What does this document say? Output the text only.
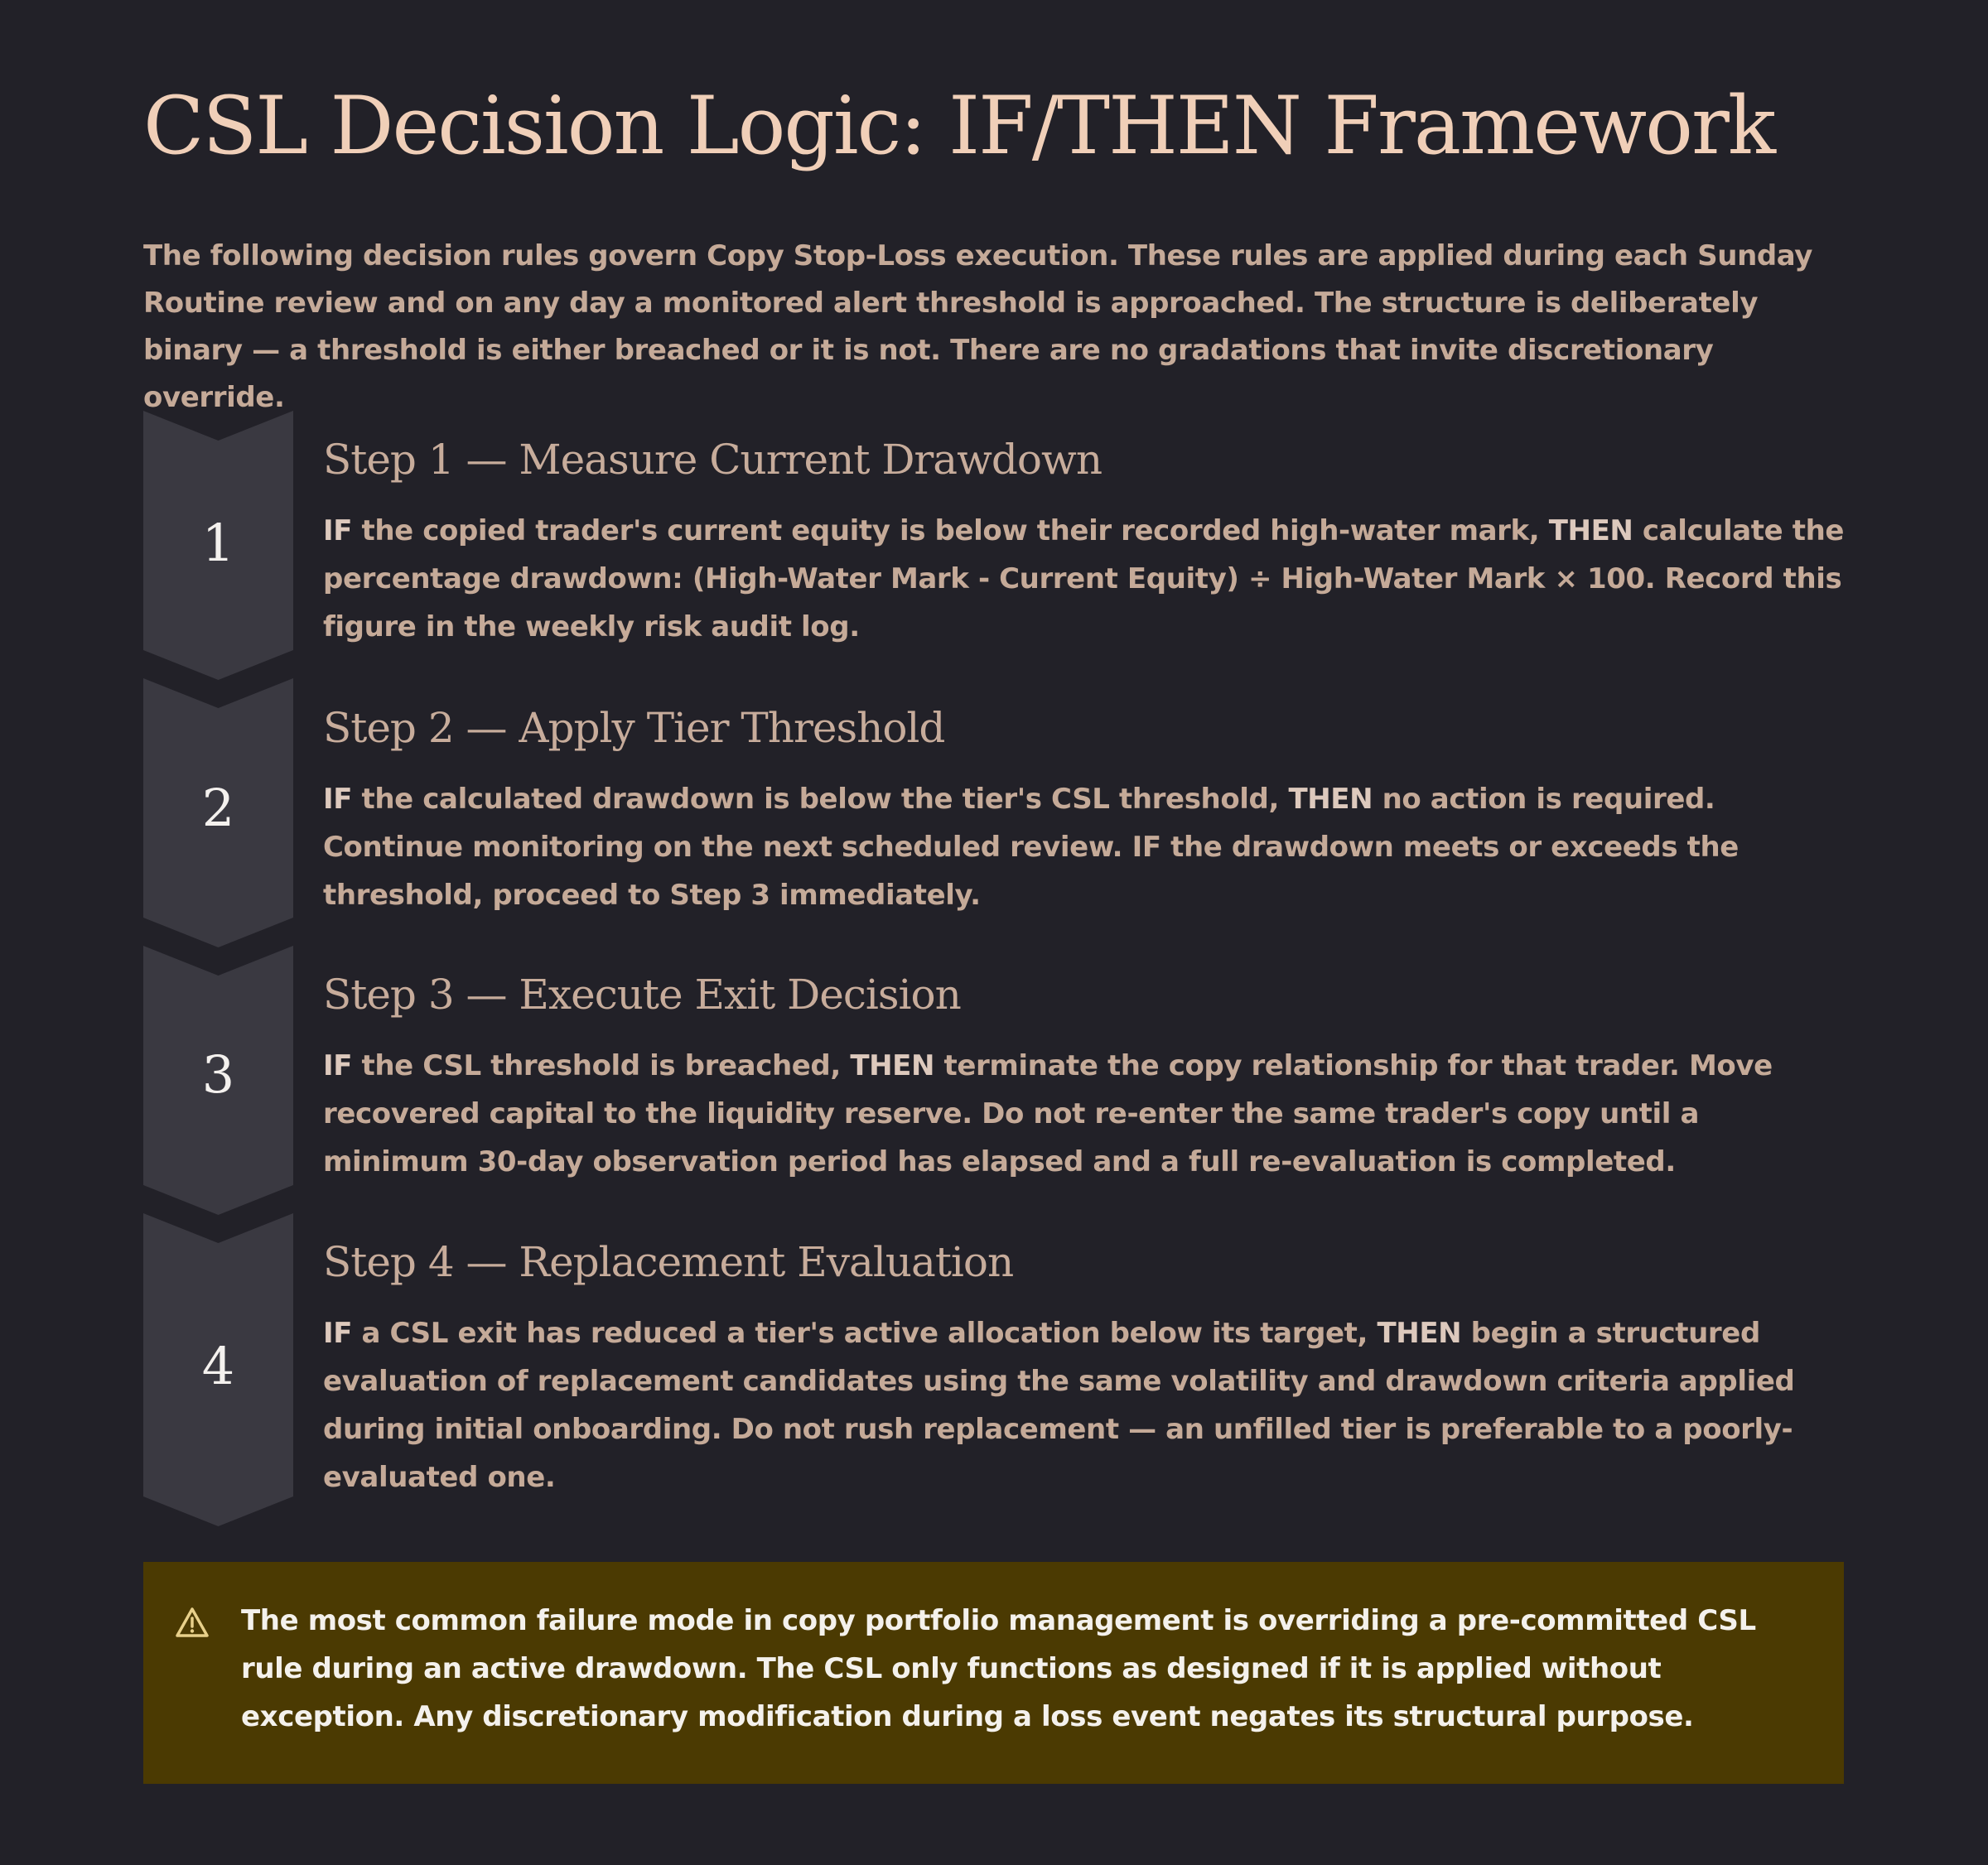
CSL Decision Logic: IF/THEN Framework

The following decision rules govern Copy Stop-Loss execution. These rules are applied during each Sunday Routine review and on any day a monitored alert threshold is approached. The structure is deliberately binary — a threshold is either breached or it is not. There are no gradations that invite discretionary override.

1
Step 1 — Measure Current Drawdown

IF the copied trader's current equity is below their recorded high-water mark, THEN calculate the percentage drawdown: (High-Water Mark - Current Equity) ÷ High-Water Mark × 100. Record this figure in the weekly risk audit log.

2
Step 2 — Apply Tier Threshold

IF the calculated drawdown is below the tier's CSL threshold, THEN no action is required. Continue monitoring on the next scheduled review. IF the drawdown meets or exceeds the threshold, proceed to Step 3 immediately.

3
Step 3 — Execute Exit Decision

IF the CSL threshold is breached, THEN terminate the copy relationship for that trader. Move recovered capital to the liquidity reserve. Do not re-enter the same trader's copy until a minimum 30-day observation period has elapsed and a full re-evaluation is completed.

4
Step 4 — Replacement Evaluation

IF a CSL exit has reduced a tier's active allocation below its target, THEN begin a structured evaluation of replacement candidates using the same volatility and drawdown criteria applied during initial onboarding. Do not rush replacement — an unfilled tier is preferable to a poorly-evaluated one.

The most common failure mode in copy portfolio management is overriding a pre-committed CSL rule during an active drawdown. The CSL only functions as designed if it is applied without exception. Any discretionary modification during a loss event negates its structural purpose.
